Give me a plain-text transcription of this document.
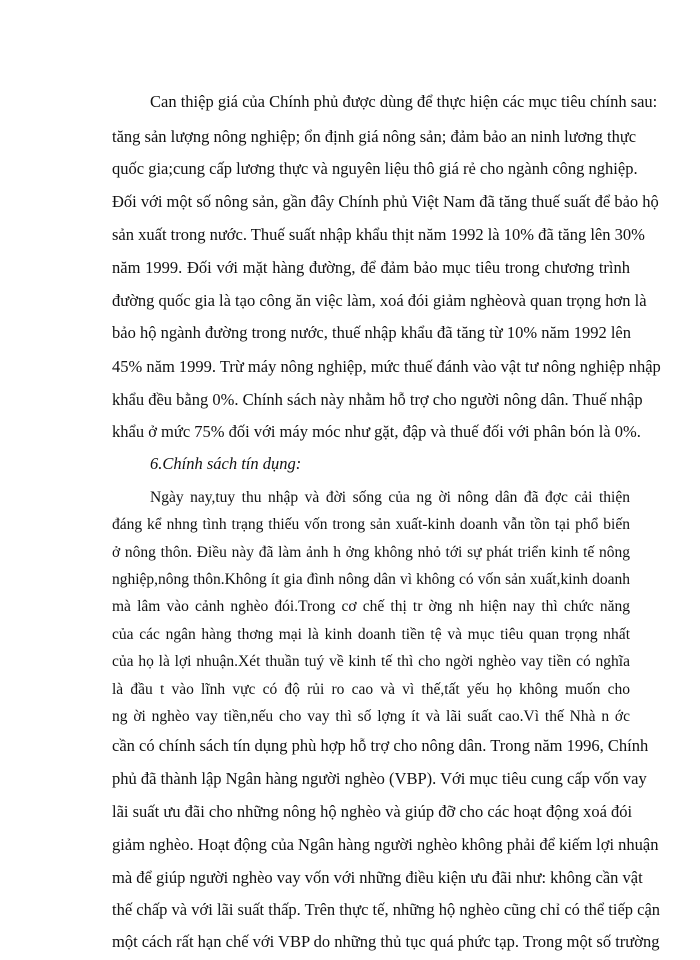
Can thiệp giá của Chính phủ được dùng để thực hiện các mục tiêu chính sau:
tăng sản lượng nông nghiệp; ổn định giá nông sản; đảm bảo an ninh lương thực
quốc gia;cung cấp lương thực và nguyên liệu thô giá rẻ cho ngành công nghiệp.
Đối với một số nông sản, gần đây Chính phủ Việt Nam đã tăng thuế suất để bảo hộ
sản xuất trong nước. Thuế suất nhập khẩu thịt năm 1992 là 10% đã tăng lên 30%
năm 1999. Đối với mặt hàng đường, để đảm bảo mục tiêu trong chương trình
đường quốc gia là tạo công ăn việc làm, xoá đói giảm nghèovà quan trọng hơn là
bảo hộ ngành đường trong nước, thuế nhập khẩu đã tăng từ 10% năm 1992 lên
45% năm 1999. Trừ máy nông nghiệp, mức thuế đánh vào vật tư nông nghiệp nhập
khẩu đều bằng 0%. Chính sách này nhằm hỗ trợ cho người nông dân. Thuế nhập
khẩu ở mức 75% đối với máy móc như gặt, đập và thuế đối với phân bón là 0%.
6.Chính sách tín dụng:
Ngày nay,tuy thu nhập và đời sống của ng ời nông dân đã đợc cải thiện
đáng kể nhng tình trạng thiếu vốn trong sản xuất-kinh doanh vẫn tồn tại phổ biến
ở nông thôn. Điều này đã làm ảnh h ởng không nhỏ tới sự phát triển kinh tế nông
nghiệp,nông thôn.Không ít gia đình nông dân vì không có vốn sản xuất,kinh doanh
mà lâm vào cảnh nghèo đói.Trong cơ chế thị tr ờng nh hiện nay thì chức năng
của các ngân hàng thơng mại là kinh doanh tiền tệ và mục tiêu quan trọng nhất
của họ là lợi nhuận.Xét thuần tuý về kinh tế thì cho ngời nghèo vay tiền có nghĩa
là đầu t vào lĩnh vực có độ rủi ro cao và vì thế,tất yếu họ không muốn cho
ng ời nghèo vay tiền,nếu cho vay thì số lợng ít và lãi suất cao.Vì thế Nhà n ớc
cần có chính sách tín dụng phù hợp hỗ trợ cho nông dân. Trong năm 1996, Chính
phủ đã thành lập Ngân hàng người nghèo (VBP). Với mục tiêu cung cấp vốn vay
lãi suất ưu đãi cho những nông hộ nghèo và giúp đỡ cho các hoạt động xoá đói
giảm nghèo. Hoạt động của Ngân hàng người nghèo không phải để kiếm lợi nhuận
mà để giúp người nghèo vay vốn với những điều kiện ưu đãi như: không cần vật
thế chấp và với lãi suất thấp. Trên thực tế, những hộ nghèo cũng chỉ có thể tiếp cận
một cách rất hạn chế với VBP do những thủ tục quá phức tạp. Trong một số trường
